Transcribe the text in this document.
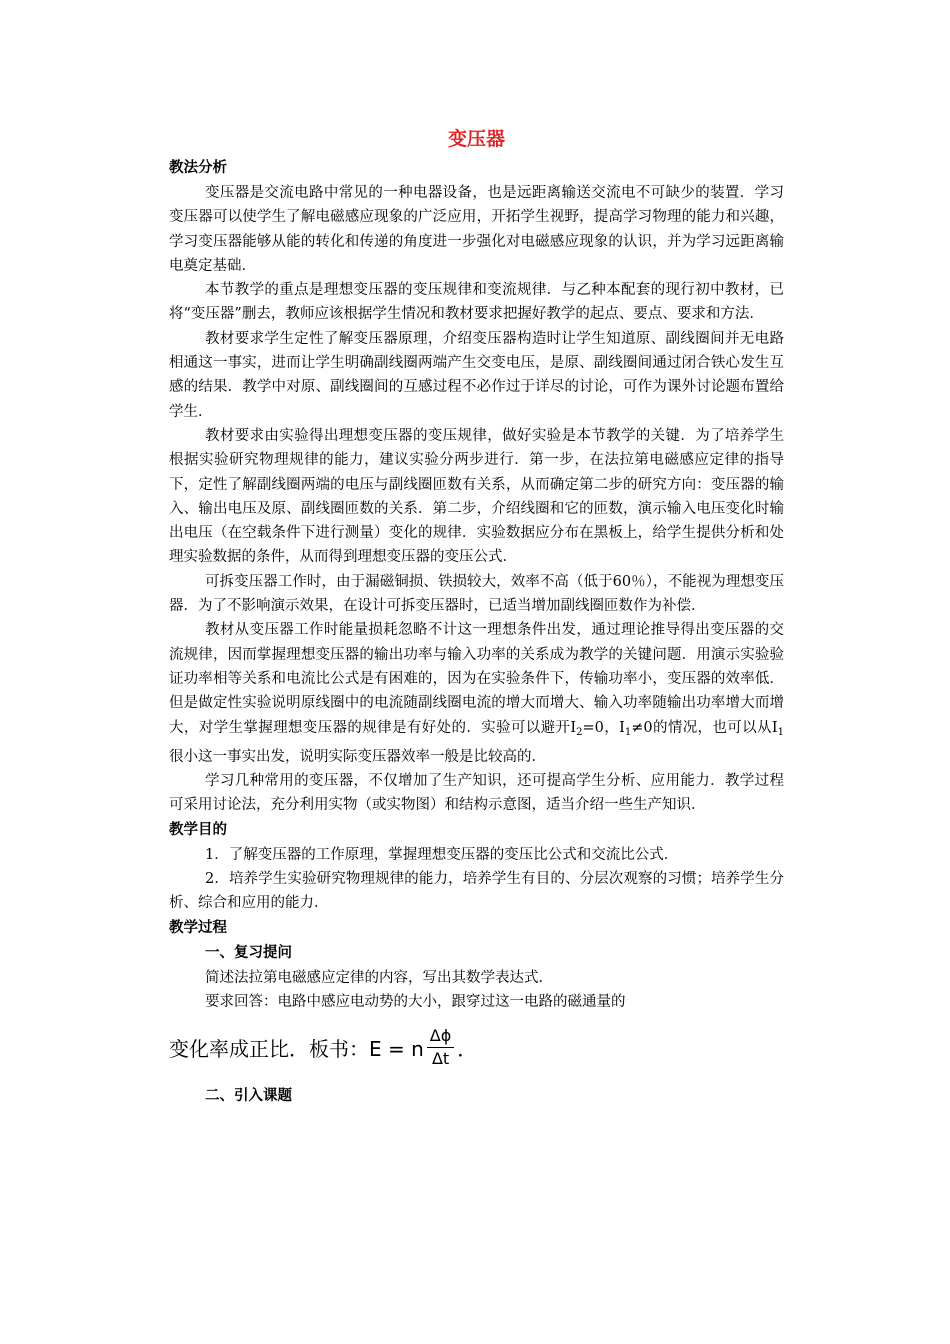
变压器
教法分析

变压器是交流电路中常见的一种电器设备，也是远距离输送交流电不可缺少的装置．学习变压器可以使学生了解电磁感应现象的广泛应用，开拓学生视野，提高学习物理的能力和兴趣，学习变压器能够从能的转化和传递的角度进一步强化对电磁感应现象的认识，并为学习远距离输电奠定基础．

本节教学的重点是理想变压器的变压规律和变流规律．与乙种本配套的现行初中教材，已将“变压器”删去，教师应该根据学生情况和教材要求把握好教学的起点、要点、要求和方法．

教材要求学生定性了解变压器原理，介绍变压器构造时让学生知道原、副线圈间并无电路相通这一事实，进而让学生明确副线圈两端产生交变电压，是原、副线圈间通过闭合铁心发生互感的结果．教学中对原、副线圈间的互感过程不必作过于详尽的讨论，可作为课外讨论题布置给学生．

教材要求由实验得出理想变压器的变压规律，做好实验是本节教学的关键．为了培养学生根据实验研究物理规律的能力，建议实验分两步进行．第一步，在法拉第电磁感应定律的指导下，定性了解副线圈两端的电压与副线圈匝数有关系，从而确定第二步的研究方向：变压器的输入、输出电压及原、副线圈匝数的关系．第二步，介绍线圈和它的匝数，演示输入电压变化时输出电压（在空载条件下进行测量）变化的规律．实验数据应分布在黑板上，给学生提供分析和处理实验数据的条件，从而得到理想变压器的变压公式．

可拆变压器工作时，由于漏磁铜损、铁损较大，效率不高（低于60％），不能视为理想变压器．为了不影响演示效果，在设计可拆变压器时，已适当增加副线圈匝数作为补偿．

教材从变压器工作时能量损耗忽略不计这一理想条件出发，通过理论推导得出变压器的交流规律，因而掌握理想变压器的输出功率与输入功率的关系成为教学的关键问题．用演示实验验证功率相等关系和电流比公式是有困难的，因为在实验条件下，传输功率小，变压器的效率低．但是做定性实验说明原线圈中的电流随副线圈电流的增大而增大、输入功率随输出功率增大而增大，对学生掌握理想变压器的规律是有好处的．实验可以避开$I_2=0$，$I_1\ne 0$的情况，也可以从$I_1$很小这一事实出发，说明实际变压器效率一般是比较高的．

学习几种常用的变压器，不仅增加了生产知识，还可提高学生分析、应用能力．教学过程可采用讨论法，充分利用实物（或实物图）和结构示意图，适当介绍一些生产知识．

教学目的

1．了解变压器的工作原理，掌握理想变压器的变压比公式和交流比公式．

2．培养学生实验研究物理规律的能力，培养学生有目的、分层次观察的习惯；培养学生分析、综合和应用的能力．

教学过程
一、复习提问

简述法拉第电磁感应定律的内容，写出其数学表达式．

要求回答：电路中感应电动势的大小，跟穿过这一电路的磁通量的

变化率成正比．板书：E = n $\frac{\Delta\phi}{\Delta t}$ ．
二、引入课题
